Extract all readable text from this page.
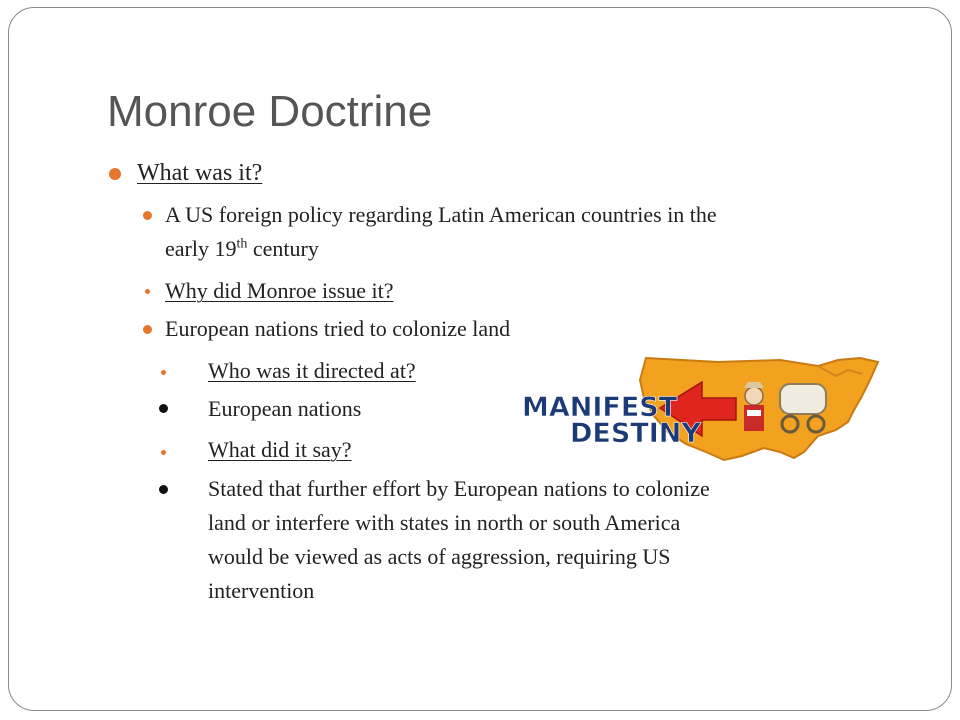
Monroe Doctrine
What was it?
A US foreign policy regarding Latin American countries in the
early 19th century
Why did Monroe issue it?
European nations tried to colonize land
Who was it directed at?
European nations
What did it say?
Stated that further effort by European nations to colonize
land or interfere with states in north or south America
would be viewed as acts of aggression, requiring US
intervention
MANIFEST
DESTINY
